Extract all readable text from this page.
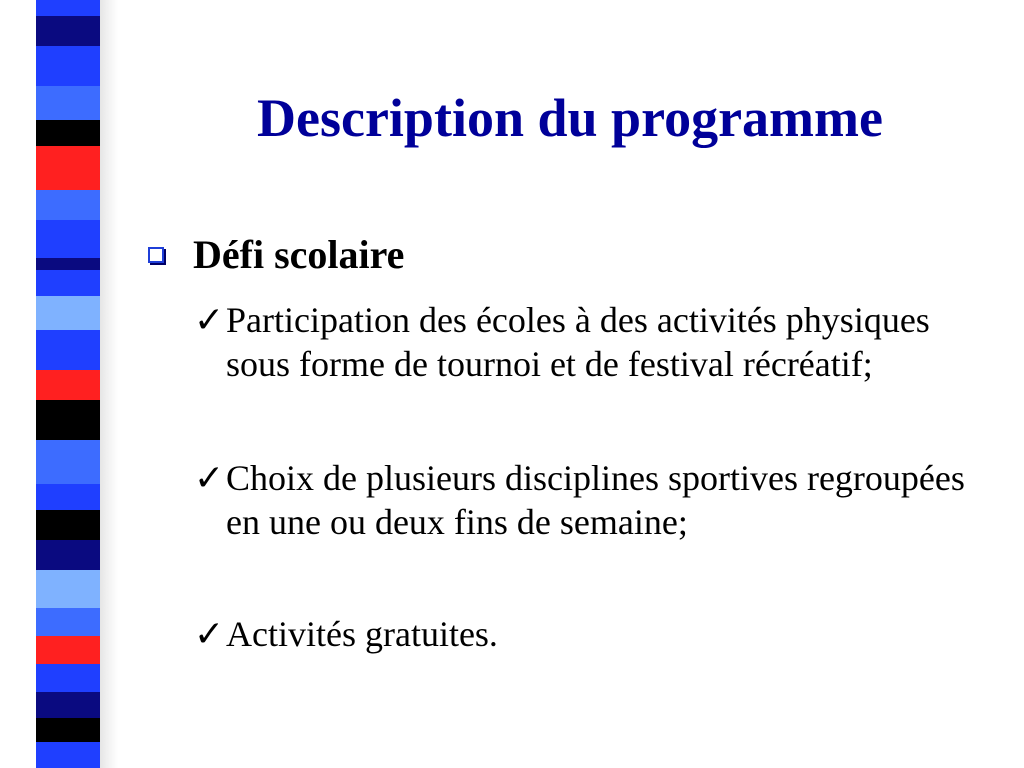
Description du programme
Défi scolaire
✓ Participation des écoles à des activités physiques sous forme de tournoi et de festival récréatif;
✓ Choix de plusieurs disciplines sportives regroupées en une ou deux fins de semaine;
✓ Activités gratuites.
